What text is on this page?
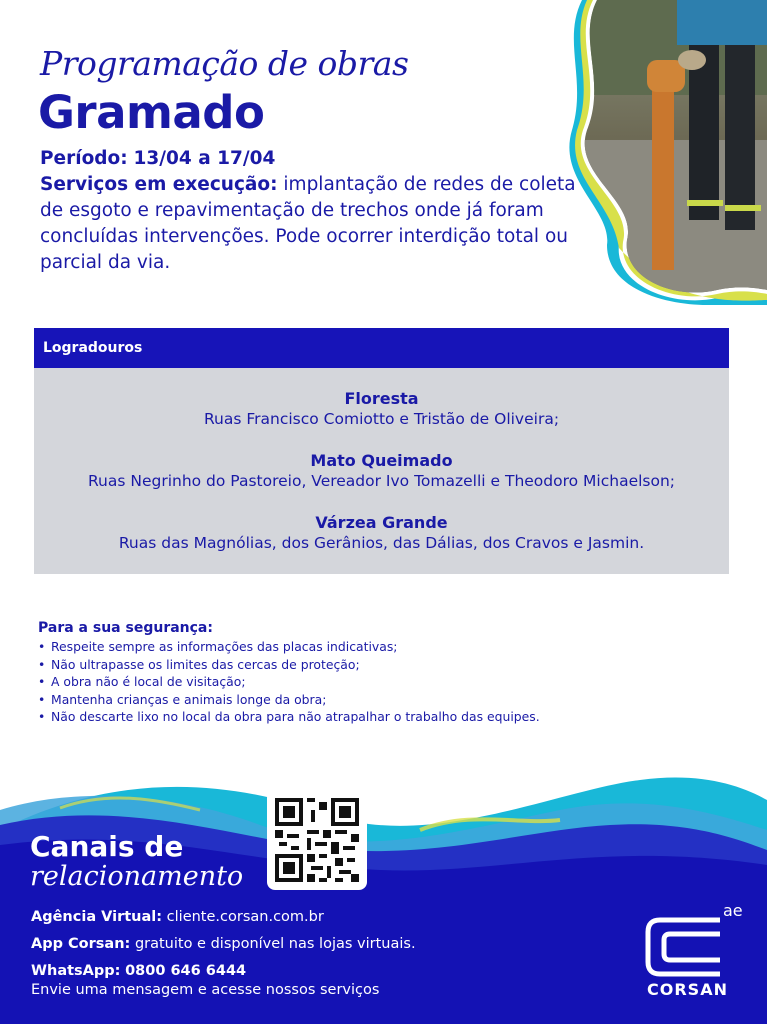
Programação de obras
Gramado
Período: 13/04 a 17/04
Serviços em execução: implantação de redes de coleta de esgoto e repavimentação de trechos onde já foram concluídas intervenções. Pode ocorrer interdição total ou parcial da via.
Logradouros
Floresta
Ruas Francisco Comiotto e Tristão de Oliveira;
Mato Queimado
Ruas Negrinho do Pastoreio, Vereador Ivo Tomazelli e Theodoro Michaelson;
Várzea Grande
Ruas das Magnólias, dos Gerânios, das Dálias, dos Cravos e Jasmin.
Para a sua segurança:
• Respeite sempre as informações das placas indicativas;
• Não ultrapasse os limites das cercas de proteção;
• A obra não é local de visitação;
• Mantenha crianças e animais longe da obra;
• Não descarte lixo no local da obra para não atrapalhar o trabalho das equipes.
Canais de
relacionamento
Agência Virtual: cliente.corsan.com.br
App Corsan: gratuito e disponível nas lojas virtuais.
WhatsApp: 0800 646 6444
Envie uma mensagem e acesse nossos serviços
ae
CORSAN
